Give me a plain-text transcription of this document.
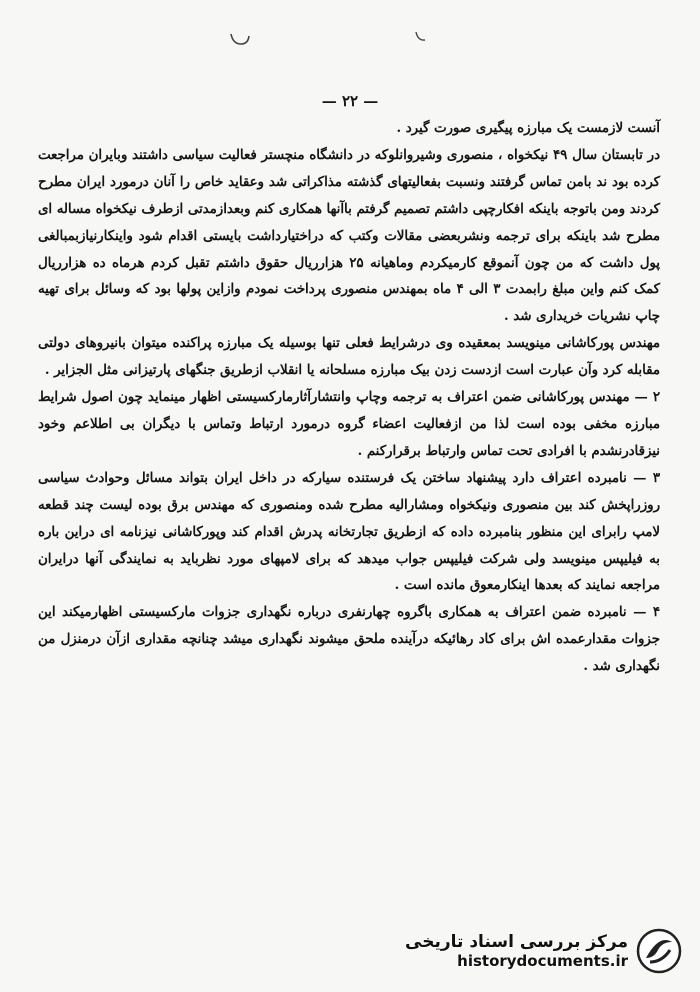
— ۲۲ —

آنست لازمست یک مبارزه پیگیری صورت گیرد .

در تابستان سال ۴۹ نیکخواه ، منصوری وشیروانلوکه در دانشگاه منچستر فعالیت سیاسی داشتند وبایران مراجعت کرده بود ند بامن تماس گرفتند ونسبت بفعالیتهای گذشته مذاکراتی شد وعقاید خاص را آنان درمورد ایران مطرح کردند ومن باتوجه باینکه افکارچپی داشتم تصمیم گرفتم باآنها همکاری کنم وبعدازمدتی ازطرف نیکخواه مساله ای مطرح شد باینکه برای ترجمه ونشربعضی مقالات وکتب که دراختیارداشت بایستی اقدام شود واینکارنیازبمبالغی پول داشت که من چون آنموقع کارمیکردم وماهیانه ۲۵ هزارریال حقوق داشتم تقبل کردم هرماه ده هزارریال کمک کنم واین مبلغ رابمدت ۳ الی ۴ ماه بمهندس منصوری پرداخت نمودم وازاین پولها بود که وسائل برای تهیه چاپ نشریات خریداری شد .

مهندس پورکاشانی مینویسد بمعقیده وی درشرایط فعلی تنها بوسیله یک مبارزه پراکنده میتوان بانیروهای دولتی مقابله کرد وآن عبارت است ازدست زدن بیک مبارزه مسلحانه یا انقلاب ازطریق جنگهای پارتیزانی مثل الجزایر .

۲ — مهندس پورکاشانی ضمن اعتراف به ترجمه وچاپ وانتشارآثارمارکسیستی اظهار مینماید چون اصول شرایط مبارزه مخفی بوده است لذا من ازفعالیت اعضاء گروه درمورد ارتباط وتماس با دیگران بی اطلاعم وخود نیزقادرنشدم با افرادی تحت تماس وارتباط برقرارکنم .

۳ — نامبرده اعتراف دارد پیشنهاد ساختن یک فرستنده سیارکه در داخل ایران بتواند مسائل وحوادث سیاسی روزراپخش کند بین منصوری ونیکخواه ومشارالیه مطرح شده ومنصوری که مهندس برق بوده لیست چند قطعه لامپ رابرای این منظور بنامبرده داده که ازطریق تجارتخانه پدرش اقدام کند وپورکاشانی نیزنامه ای دراین باره به فیلیپس مینویسد ولی شرکت فیلیپس جواب میدهد که برای لامپهای مورد نظرباید به نمایندگی آنها درایران مراجعه نمایند که بعدها اینکارمعوق مانده است .

۴ — نامبرده ضمن اعتراف به همکاری باگروه چهارنفری درباره نگهداری جزوات مارکسیستی اظهارمیکند این جزوات مقدارعمده اش برای کاد رهائیکه درآینده ملحق میشوند نگهداری میشد چنانچه مقداری ازآن درمنزل من نگهداری شد .

مرکز بررسی اسناد تاریخی
historydocuments.ir
